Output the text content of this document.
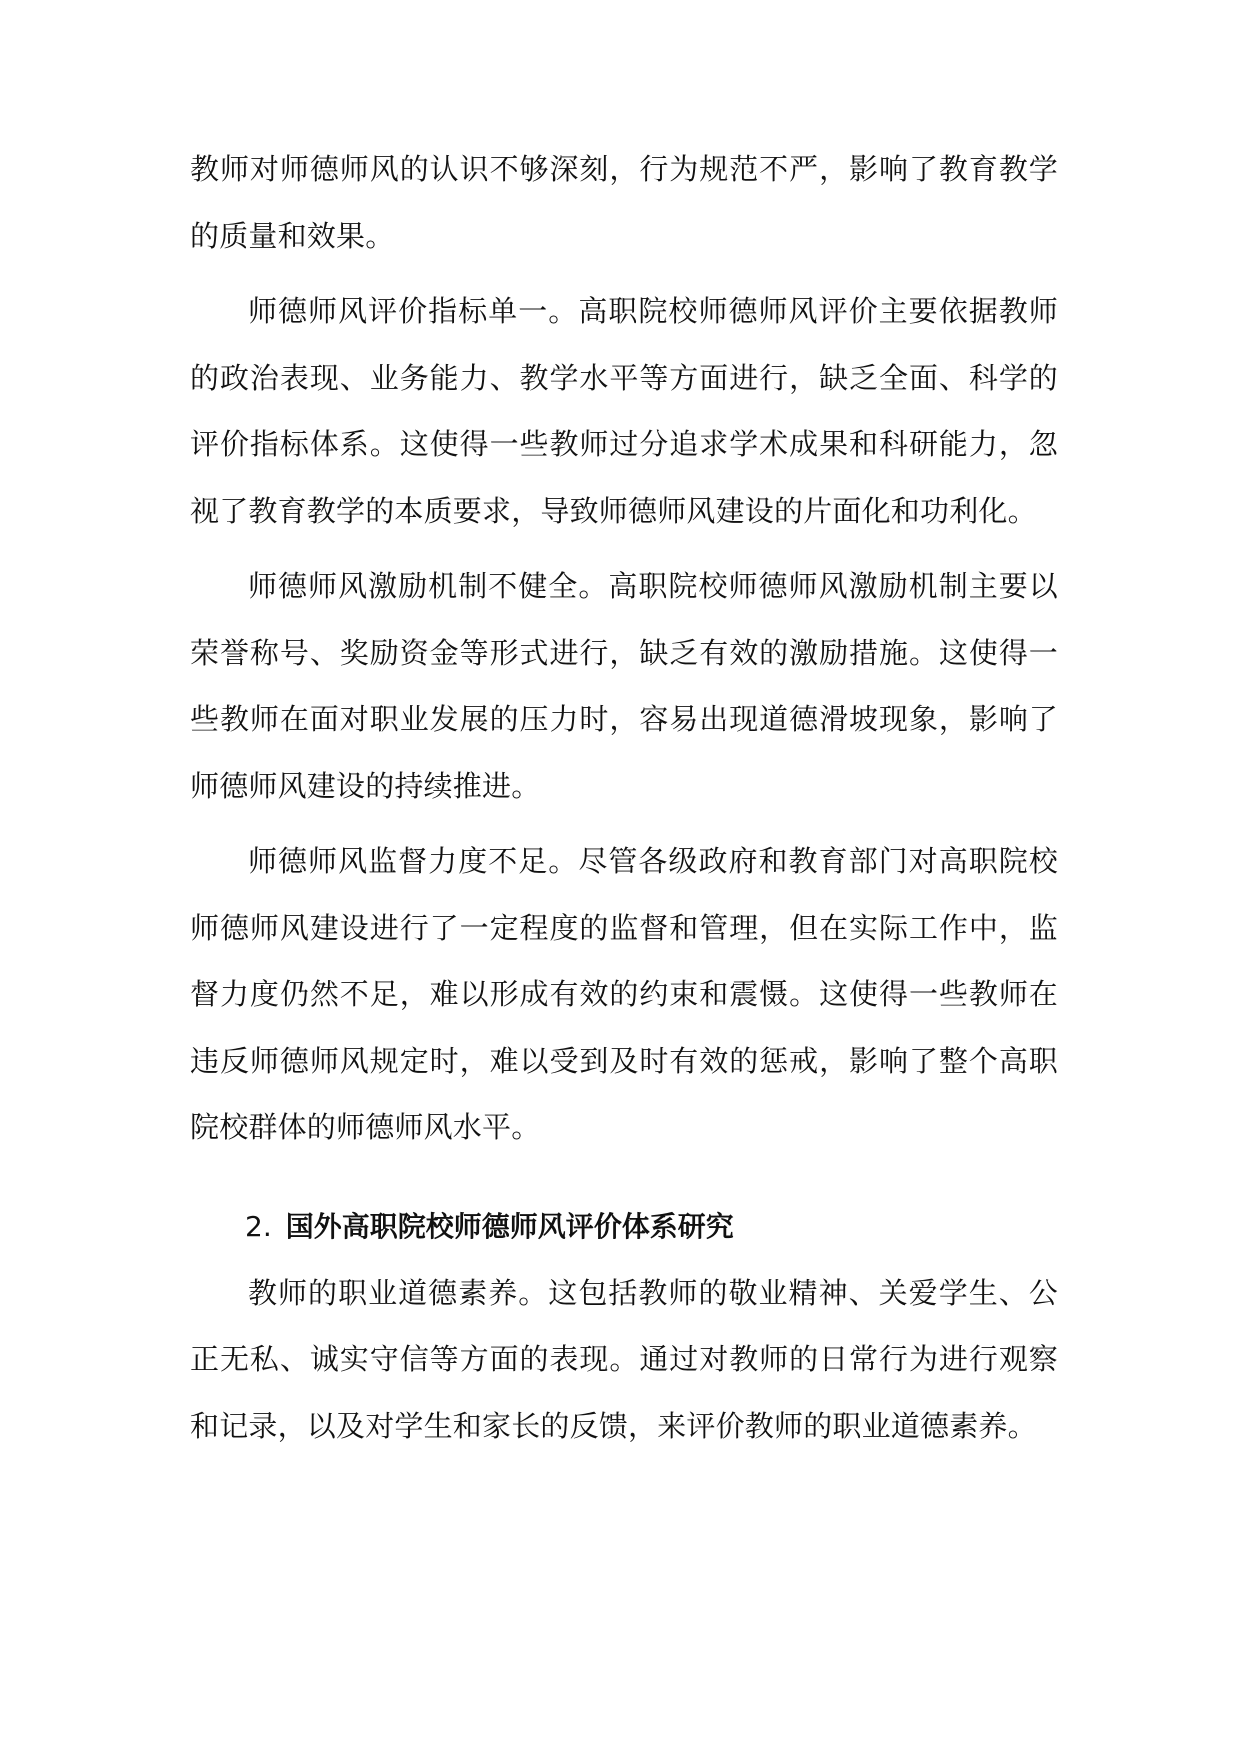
教师对师德师风的认识不够深刻，行为规范不严，影响了教育教学的质量和效果。

师德师风评价指标单一。高职院校师德师风评价主要依据教师的政治表现、业务能力、教学水平等方面进行，缺乏全面、科学的评价指标体系。这使得一些教师过分追求学术成果和科研能力，忽视了教育教学的本质要求，导致师德师风建设的片面化和功利化。

师德师风激励机制不健全。高职院校师德师风激励机制主要以荣誉称号、奖励资金等形式进行，缺乏有效的激励措施。这使得一些教师在面对职业发展的压力时，容易出现道德滑坡现象，影响了师德师风建设的持续推进。

师德师风监督力度不足。尽管各级政府和教育部门对高职院校师德师风建设进行了一定程度的监督和管理，但在实际工作中，监督力度仍然不足，难以形成有效的约束和震慑。这使得一些教师在违反师德师风规定时，难以受到及时有效的惩戒，影响了整个高职院校群体的师德师风水平。

2. 国外高职院校师德师风评价体系研究

教师的职业道德素养。这包括教师的敬业精神、关爱学生、公正无私、诚实守信等方面的表现。通过对教师的日常行为进行观察和记录，以及对学生和家长的反馈，来评价教师的职业道德素养。
